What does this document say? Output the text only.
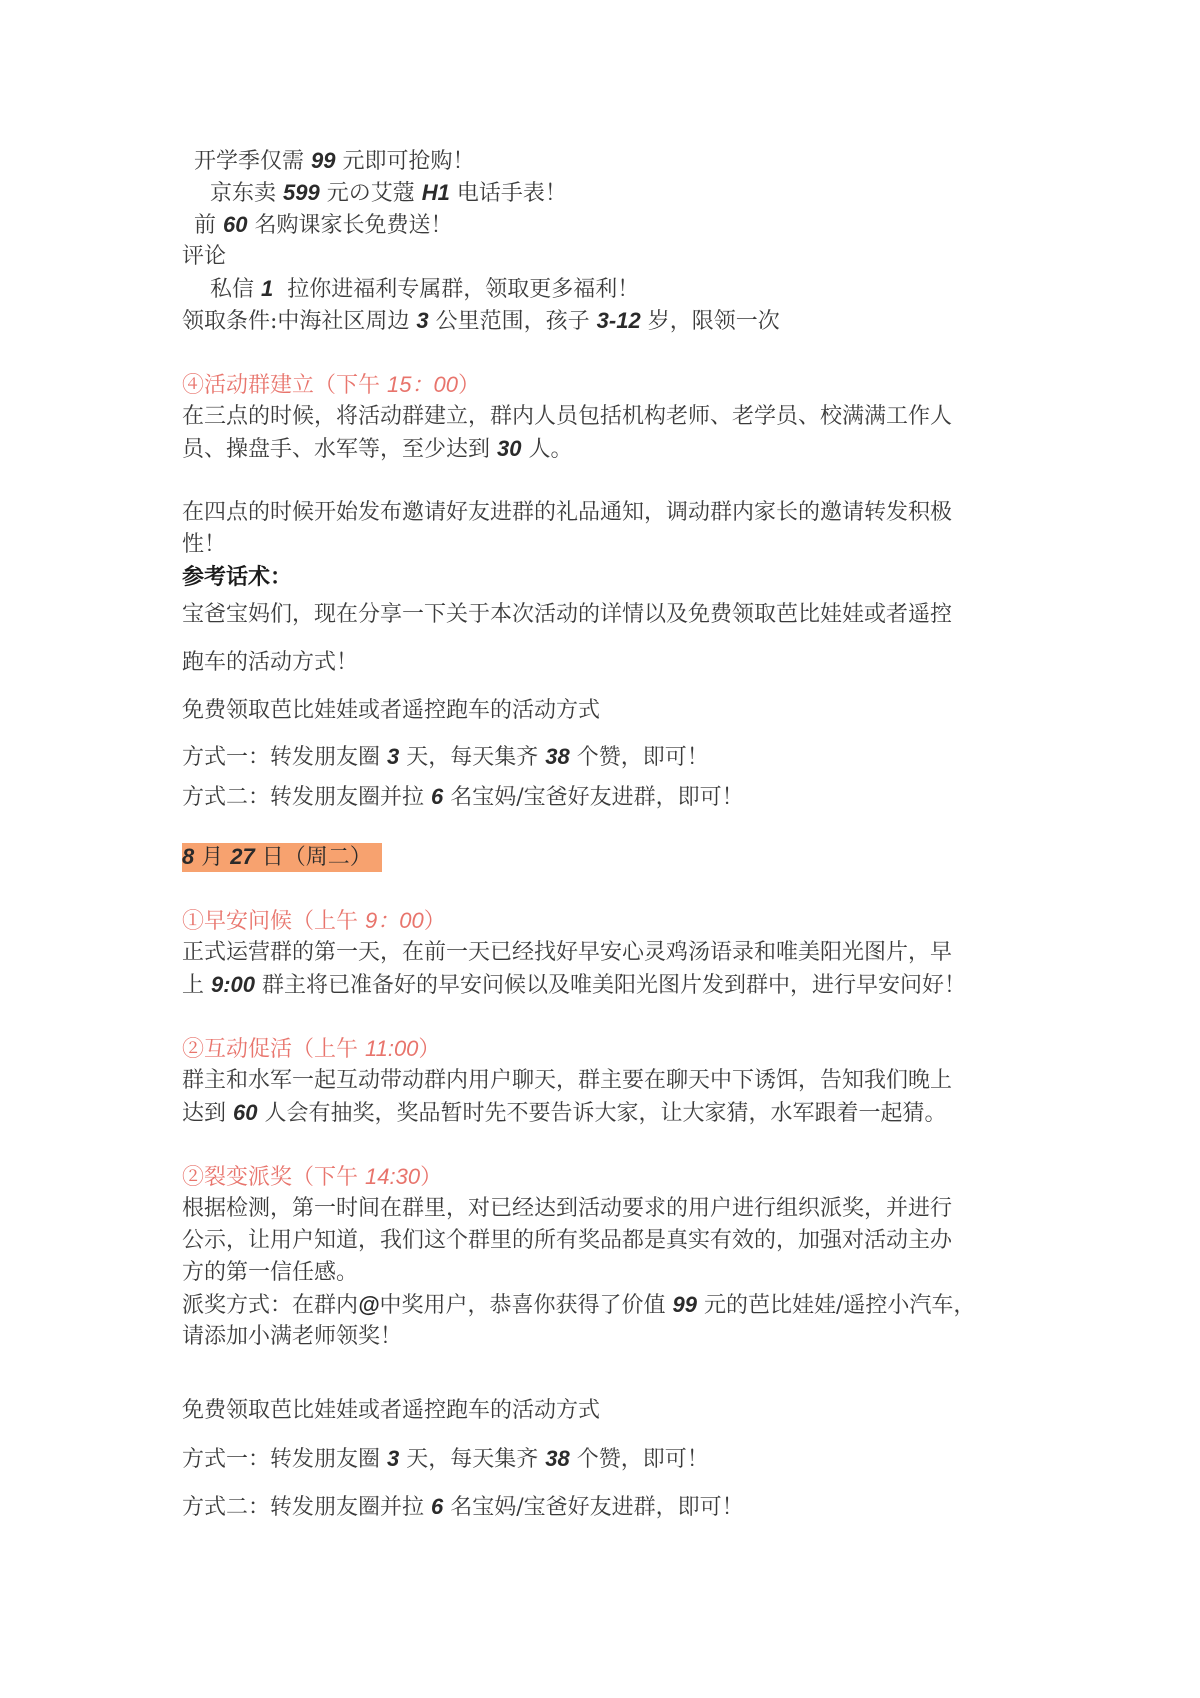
开学季仅需 99 元即可抢购！
京东卖 599 元の艾蔻 H1 电话手表！
前 60 名购课家长免费送！
评论
私信 1  拉你进福利专属群，领取更多福利！
领取条件:中海社区周边 3 公里范围，孩子 3-12 岁，限领一次
④活动群建立（下午 15：00）
在三点的时候，将活动群建立，群内人员包括机构老师、老学员、校满满工作人
员、操盘手、水军等，至少达到 30 人。
在四点的时候开始发布邀请好友进群的礼品通知，调动群内家长的邀请转发积极
性！
参考话术：
宝爸宝妈们，现在分享一下关于本次活动的详情以及免费领取芭比娃娃或者遥控
跑车的活动方式！
免费领取芭比娃娃或者遥控跑车的活动方式
方式一：转发朋友圈 3 天，每天集齐 38 个赞，即可！
方式二：转发朋友圈并拉 6 名宝妈/宝爸好友进群，即可！
8 月 27 日（周二）
①早安问候（上午 9：00）
正式运营群的第一天，在前一天已经找好早安心灵鸡汤语录和唯美阳光图片，早
上 9:00 群主将已准备好的早安问候以及唯美阳光图片发到群中，进行早安问好！
②互动促活（上午 11:00）
群主和水军一起互动带动群内用户聊天，群主要在聊天中下诱饵，告知我们晚上
达到 60 人会有抽奖，奖品暂时先不要告诉大家，让大家猜，水军跟着一起猜。
②裂变派奖（下午 14:30）
根据检测，第一时间在群里，对已经达到活动要求的用户进行组织派奖，并进行
公示，让用户知道，我们这个群里的所有奖品都是真实有效的，加强对活动主办
方的第一信任感。
派奖方式：在群内@中奖用户，恭喜你获得了价值 99 元的芭比娃娃/遥控小汽车，
请添加小满老师领奖！
免费领取芭比娃娃或者遥控跑车的活动方式
方式一：转发朋友圈 3 天，每天集齐 38 个赞，即可！
方式二：转发朋友圈并拉 6 名宝妈/宝爸好友进群，即可！
